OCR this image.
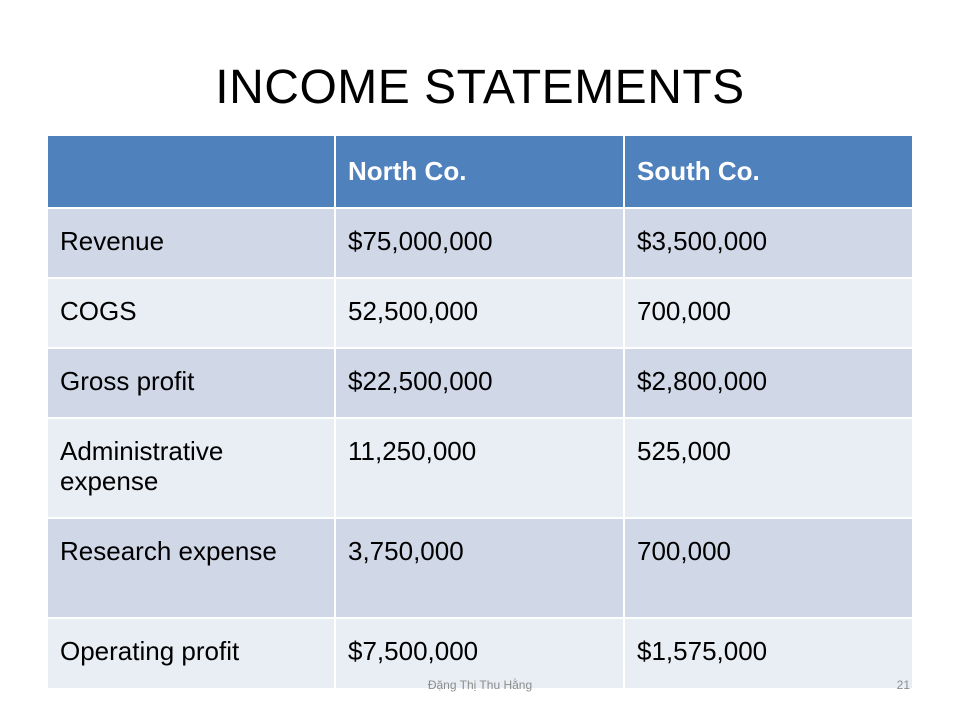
INCOME STATEMENTS
	North Co.	South Co.
Revenue	$75,000,000	$3,500,000
COGS	52,500,000	700,000
Gross profit	$22,500,000	$2,800,000
Administrative expense	11,250,000	525,000
Research expense	3,750,000	700,000
Operating profit	$7,500,000	$1,575,000
Đặng Thị Thu Hằng	21
